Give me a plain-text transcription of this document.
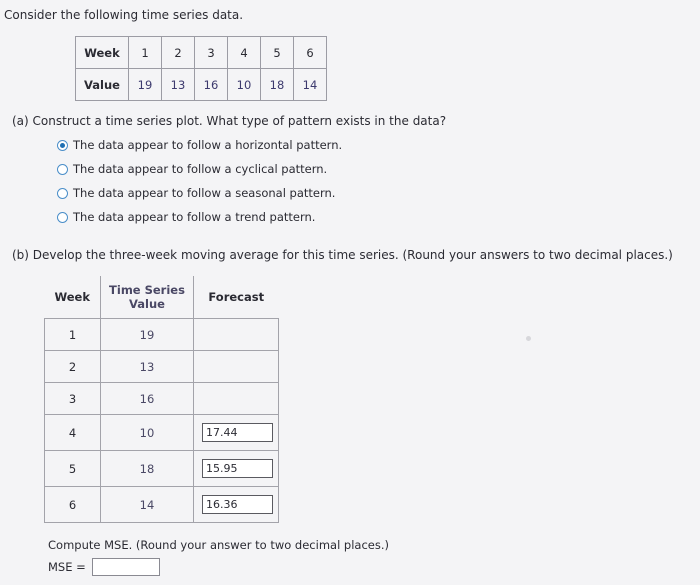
Consider the following time series data.
Week	1	2	3	4	5	6
Value	19	13	16	10	18	14
(a) Construct a time series plot. What type of pattern exists in the data?
The data appear to follow a horizontal pattern.
The data appear to follow a cyclical pattern.
The data appear to follow a seasonal pattern.
The data appear to follow a trend pattern.
(b) Develop the three-week moving average for this time series. (Round your answers to two decimal places.)
Week	Time Series Value	Forecast
1	19	
2	13	
3	16	
4	10	17.44

5	18	15.95

6	14	16.36
Compute MSE. (Round your answer to two decimal places.)
MSE =
